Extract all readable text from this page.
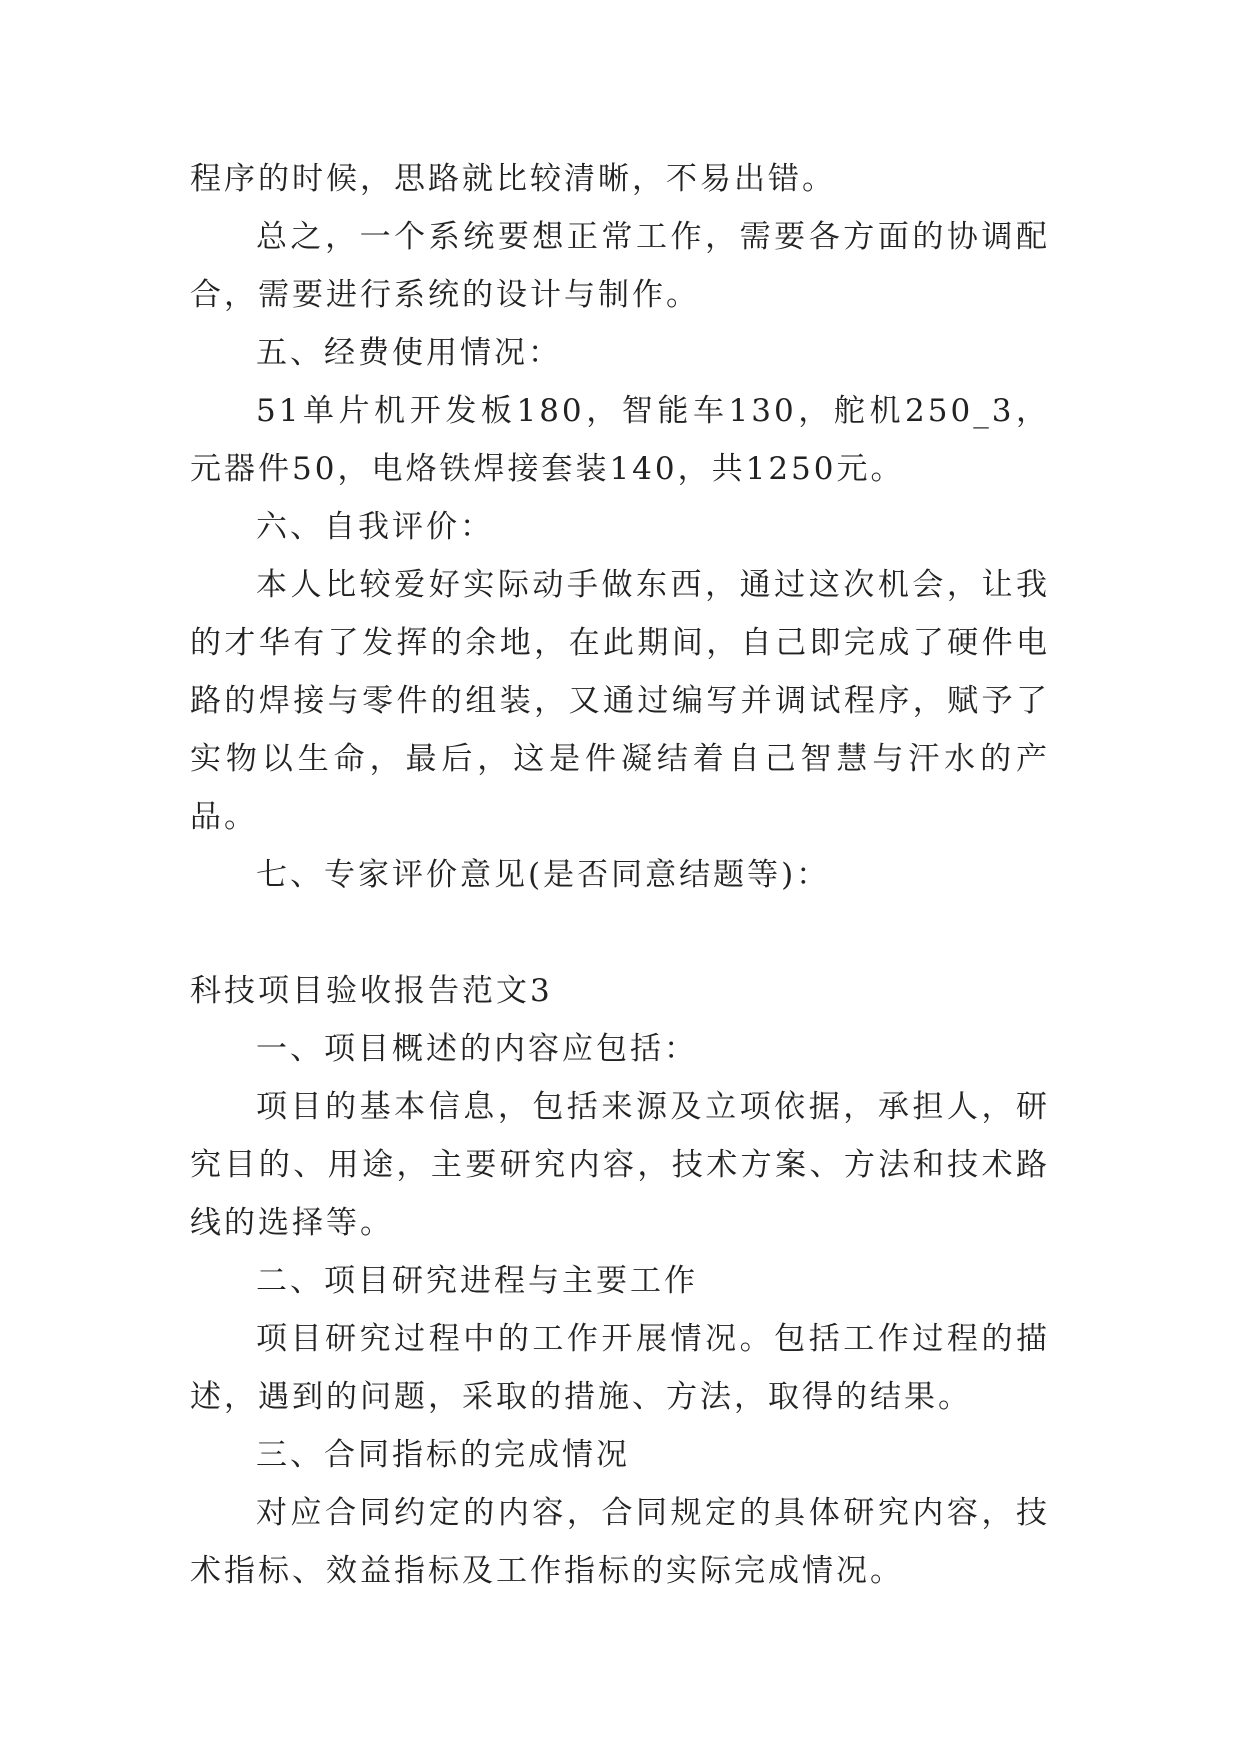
程序的时候，思路就比较清晰，不易出错。

总之，一个系统要想正常工作，需要各方面的协调配合，需要进行系统的设计与制作。

五、经费使用情况：

51单片机开发板180，智能车130，舵机250_3，元器件50，电烙铁焊接套装140，共1250元。

六、自我评价：

本人比较爱好实际动手做东西，通过这次机会，让我的才华有了发挥的余地，在此期间，自己即完成了硬件电路的焊接与零件的组装，又通过编写并调试程序，赋予了实物以生命，最后，这是件凝结着自己智慧与汗水的产品。

七、专家评价意见(是否同意结题等)：

科技项目验收报告范文3

一、项目概述的内容应包括：

项目的基本信息，包括来源及立项依据，承担人，研究目的、用途，主要研究内容，技术方案、方法和技术路线的选择等。

二、项目研究进程与主要工作

项目研究过程中的工作开展情况。包括工作过程的描述，遇到的问题，采取的措施、方法，取得的结果。

三、合同指标的完成情况

对应合同约定的内容，合同规定的具体研究内容，技术指标、效益指标及工作指标的实际完成情况。
